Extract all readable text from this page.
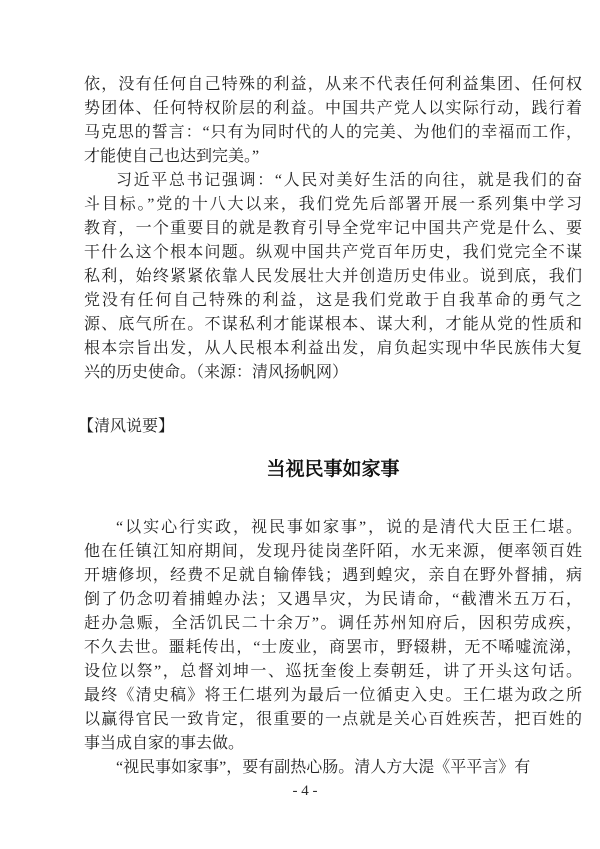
依，没有任何自己特殊的利益，从来不代表任何利益集团、任何权
势团体、任何特权阶层的利益。中国共产党人以实际行动，践行着
马克思的誓言：“只有为同时代的人的完美、为他们的幸福而工作，
才能使自己也达到完美。”
习近平总书记强调：“人民对美好生活的向往，就是我们的奋
斗目标。”党的十八大以来，我们党先后部署开展一系列集中学习
教育，一个重要目的就是教育引导全党牢记中国共产党是什么、要
干什么这个根本问题。纵观中国共产党百年历史，我们党完全不谋
私利，始终紧紧依靠人民发展壮大并创造历史伟业。说到底，我们
党没有任何自己特殊的利益，这是我们党敢于自我革命的勇气之
源、底气所在。不谋私利才能谋根本、谋大利，才能从党的性质和
根本宗旨出发，从人民根本利益出发，肩负起实现中华民族伟大复
兴的历史使命。（来源：清风扬帆网）
【清风说要】
当视民事如家事
“以实心行实政，视民事如家事”，说的是清代大臣王仁堪。
他在任镇江知府期间，发现丹徒岗垄阡陌，水无来源，便率领百姓
开塘修坝，经费不足就自输俸钱；遇到蝗灾，亲自在野外督捕，病
倒了仍念叨着捕蝗办法；又遇旱灾，为民请命，“截漕米五万石，
赶办急赈，全活饥民二十余万”。调任苏州知府后，因积劳成疾，
不久去世。噩耗传出，“士废业，商罢市，野辍耕，无不唏嘘流涕，
设位以祭”，总督刘坤一、巡抚奎俊上奏朝廷，讲了开头这句话。
最终《清史稿》将王仁堪列为最后一位循吏入史。王仁堪为政之所
以赢得官民一致肯定，很重要的一点就是关心百姓疾苦，把百姓的
事当成自家的事去做。
“视民事如家事”，要有副热心肠。清人方大湜《平平言》有
- 4 -
